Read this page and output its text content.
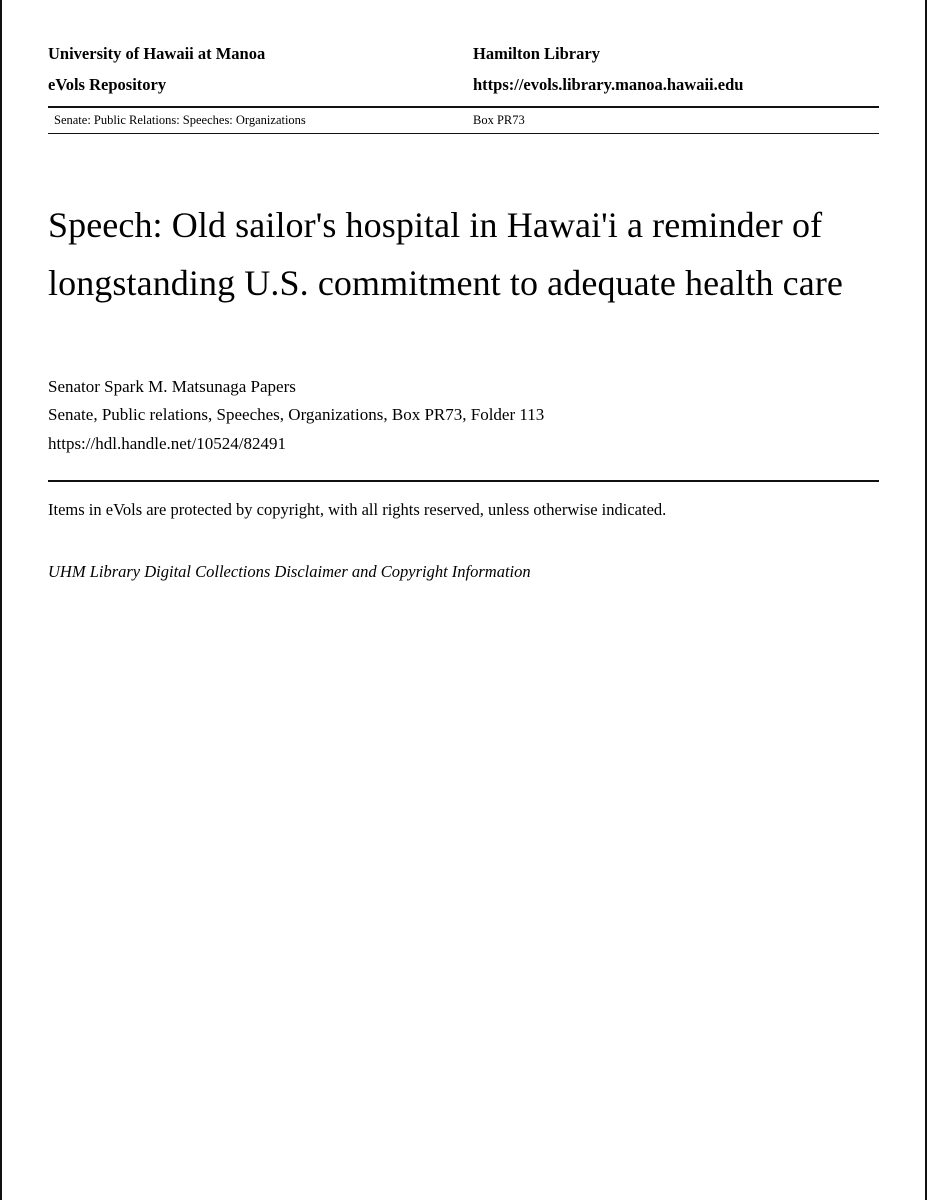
University of Hawaii at Manoa	Hamilton Library
eVols Repository	https://evols.library.manoa.hawaii.edu
Senate: Public Relations: Speeches: Organizations	Box PR73
Speech: Old sailor's hospital in Hawai'i a reminder of longstanding U.S. commitment to adequate health care
Senator Spark M. Matsunaga Papers
Senate, Public relations, Speeches, Organizations, Box PR73, Folder 113
https://hdl.handle.net/10524/82491
Items in eVols are protected by copyright, with all rights reserved, unless otherwise indicated.
UHM Library Digital Collections Disclaimer and Copyright Information
